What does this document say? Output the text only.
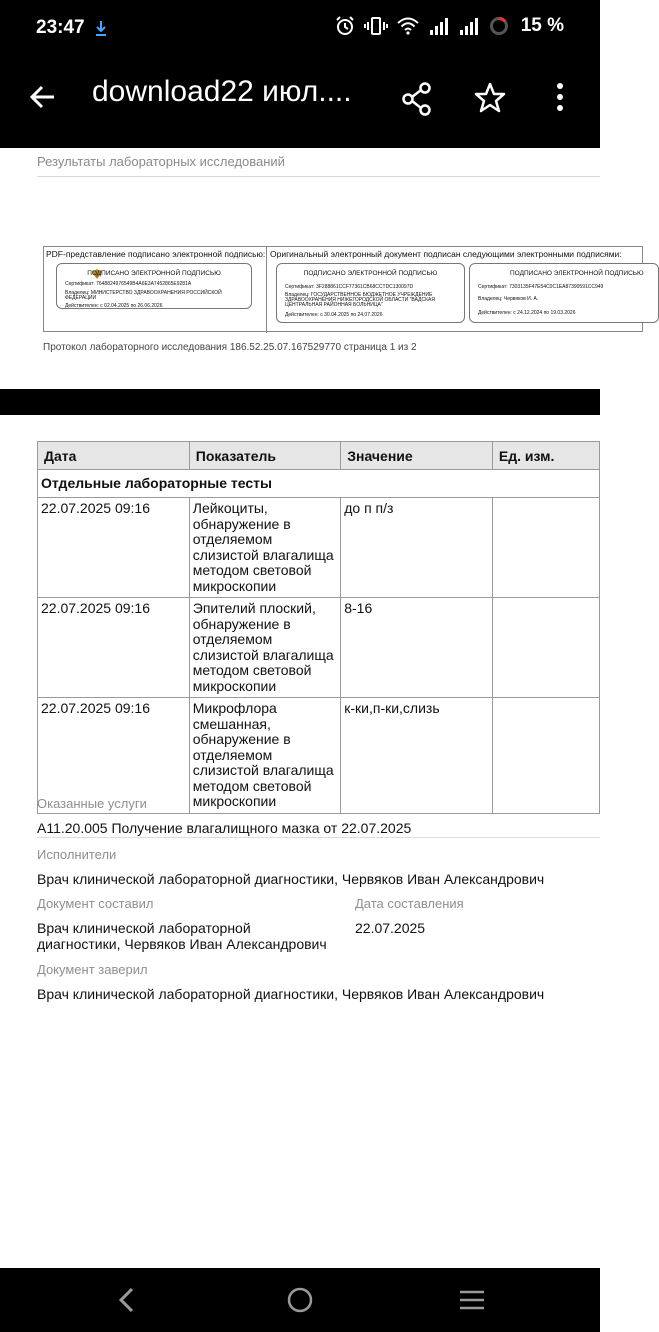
23:47	15 %
download22 июл....
Результаты лабораторных исследований
PDF-представление подписано электронной подписью:
ПОДПИСАНО ЭЛЕКТРОННОЙ ПОДПИСЬЮ
Сертификат: 7648824976549B4A6E3A7452865E9281A
Владелец: МИНИСТЕРСТВО ЗДРАВООХРАНЕНИЯ РОССИЙСКОЙ
ФЕДЕРАЦИИ
Действителен: с 02.04.2025 по 26.06.2026
Оригинальный электронный документ подписан следующими электронными подписями:
ПОДПИСАНО ЭЛЕКТРОННОЙ ПОДПИСЬЮ
Сертификат: 3F288861CCF77361CB68CCTDC130097D
Владелец: ГОСУДАРСТВЕННОЕ БЮДЖЕТНОЕ УЧРЕЖДЕНИЕ
ЗДРАВООХРАНЕНИЯ НИЖЕГОРОДСКОЙ ОБЛАСТИ "ВАДСКАЯ
ЦЕНТРАЛЬНАЯ РАЙОННАЯ БОЛЬНИЦА"
Действителен: с 30.04.2025 по 24.07.2026
ПОДПИСАНО ЭЛЕКТРОННОЙ ПОДПИСЬЮ
Сертификат: 7303135F47E54C0C1EA87390591CC949
Владелец: Червяков И. А.
Действителен: с 24.12.2024 по 19.03.2026
Протокол лабораторного исследования 186.52.25.07.167529770 страница 1 из 2
Дата	Показатель	Значение	Ед. изм.
Отдельные лабораторные тесты			
22.07.2025 09:16	Лейкоциты, обнаружение в отделяемом слизистой влагалища методом световой микроскопии	до п п/з	
22.07.2025 09:16	Эпителий плоский, обнаружение в отделяемом слизистой влагалища методом световой микроскопии	8-16	
22.07.2025 09:16	Микрофлора смешанная, обнаружение в отделяемом слизистой влагалища методом световой микроскопии	к-ки,п-ки,слизь	
Оказанные услуги
A11.20.005 Получение влагалищного мазка от 22.07.2025
Исполнители
Врач клинической лабораторной диагностики, Червяков Иван Александрович
Документ составил
Врач клинической лабораторной диагностики, Червяков Иван Александрович
Дата составления
22.07.2025
Документ заверил
Врач клинической лабораторной диагностики, Червяков Иван Александрович
